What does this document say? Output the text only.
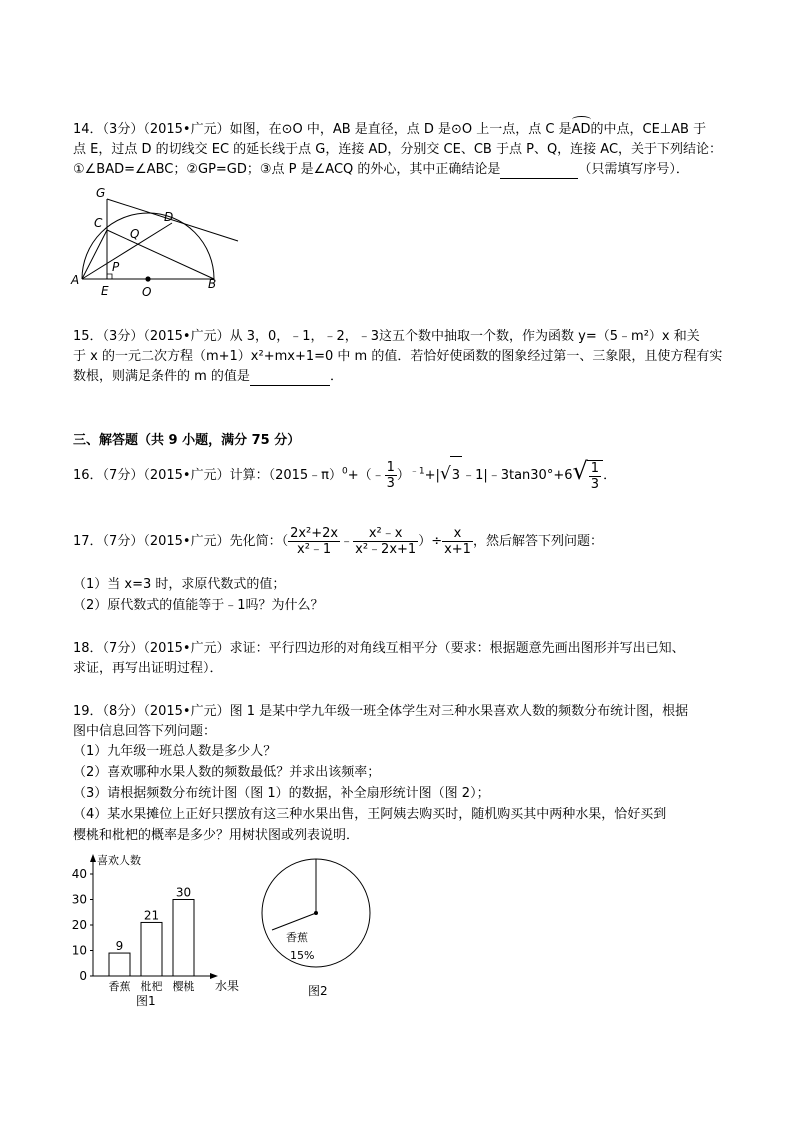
14．（3分）（2015•广元）如图，在⊙O 中，AB 是直径，点 D 是⊙O 上一点，点 C 是AD的中点，CE⊥AB 于
点 E，过点 D 的切线交 EC 的延长线于点 G，连接 AD，分别交 CE、CB 于点 P、Q，连接 AC，关于下列结论：
①∠BAD=∠ABC；②GP=GD；③点 P 是∠ACQ 的外心，其中正确结论是	（只需填写序号）．
G
C	D
Q
P
A
E	O
B
15．（3分）（2015•广元）从 3，0，﹣1，﹣2，﹣3这五个数中抽取一个数，作为函数 y=（5﹣m²）x 和关
于 x 的一元二次方程（m+1）x²+mx+1=0 中 m 的值．若恰好使函数的图象经过第一、三象限，且使方程有实
数根，则满足条件的 m 的值是	．
三、解答题（共 9 小题，满分 75 分）
16．（7分）（2015•广元）计算：（2015﹣π）$^0$+（﹣ $\frac{1}{3} )^{﹣1}+|√3$ ﹣1|﹣3tan30°+6√ $\frac{1}{3}$ ．
17．（7分）（2015•广元）先化简：（ $\frac{\text{2x²+2x}}{\text{x²﹣1}}$ ﹣ $\frac{\text{x²﹣x}}{\text{x²﹣2x+1}}$ ）÷ $\frac{x}{x+1}$ ，然后解答下列问题：
（1）当 x=3 时，求原代数式的值；
（2）原代数式的值能等于﹣1吗？为什么？
18．（7分）（2015•广元）求证：平行四边形的对角线互相平分（要求：根据题意先画出图形并写出已知、
求证，再写出证明过程）．
19．（8分）（2015•广元）图 1 是某中学九年级一班全体学生对三种水果喜欢人数的频数分布统计图，根据
图中信息回答下列问题：
（1）九年级一班总人数是多少人？
（2）喜欢哪种水果人数的频数最低？并求出该频率；
（3）请根据频数分布统计图（图 1）的数据，补全扇形统计图（图 2）；
（4）某水果摊位上正好只摆放有这三种水果出售，王阿姨去购买时，随机购买其中两种水果，恰好买到
樱桃和枇杷的概率是多少？用树状图或列表说明．
喜欢人数
水果
图1
0
10
20
30
40
9
香蕉
21
枇杷
30
樱桃
香蕉
15%
图2
